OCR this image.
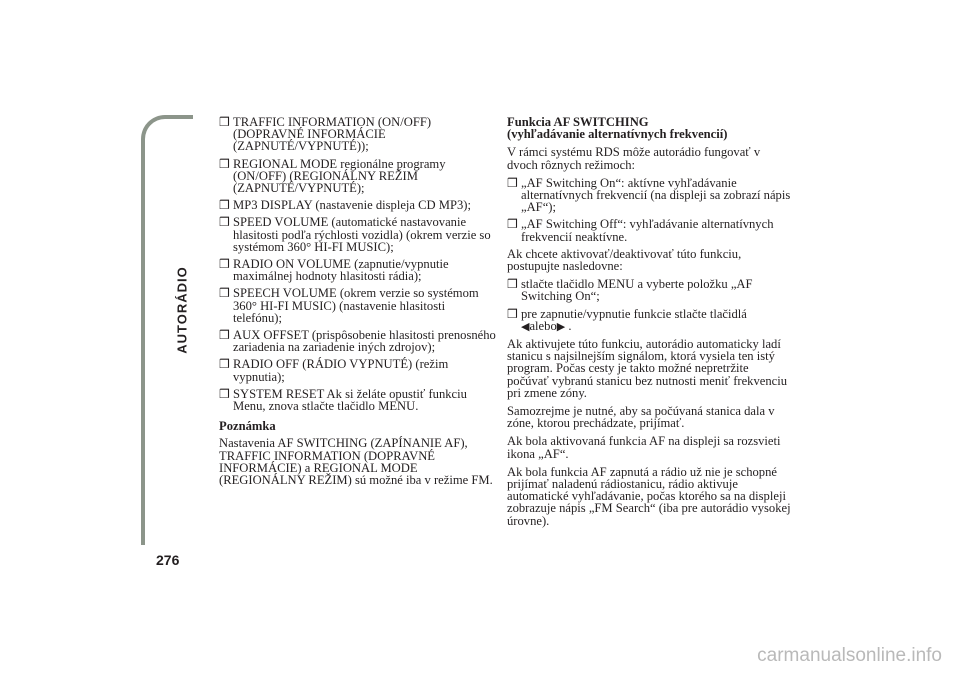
AUTORÁDIO
276
❒ TRAFFIC INFORMATION (ON/OFF) (DOPRAVNÉ INFORMÁCIE (ZAPNUTÉ/VYPNUTÉ));
❒ REGIONAL MODE regionálne programy (ON/OFF) (REGIONÁLNY REŽIM (ZAPNUTÉ/VYPNUTÉ);
❒ MP3 DISPLAY (nastavenie displeja CD MP3);
❒ SPEED VOLUME (automatické nastavovanie hlasitosti podľa rýchlosti vozidla) (okrem verzie so systémom 360° HI-FI MUSIC);
❒ RADIO ON VOLUME (zapnutie/vypnutie maximálnej hodnoty hlasitosti rádia);
❒ SPEECH VOLUME (okrem verzie so systémom 360° HI-FI MUSIC) (nastavenie hlasitosti telefónu);
❒ AUX OFFSET (prispôsobenie hlasitosti prenosného zariadenia na zariadenie iných zdrojov);
❒ RADIO OFF (RÁDIO VYPNUTÉ) (režim vypnutia);
❒ SYSTEM RESET Ak si želáte opustiť funkciu Menu, znova stlačte tlačidlo MENU.

Poznámka

Nastavenia AF SWITCHING (ZAPÍNANIE AF), TRAFFIC INFORMATION (DOPRAVNÉ INFORMÁCIE) a REGIONAL MODE (REGIONÁLNY REŽIM) sú možné iba v režime FM.

Funkcia AF SWITCHING
(vyhľadávanie alternatívnych frekvencií)

V rámci systému RDS môže autorádio fungovať v dvoch rôznych režimoch:

❒ „AF Switching On“: aktívne vyhľadávanie alternatívnych frekvencií (na displeji sa zobrazí nápis „AF“);
❒ „AF Switching Off“: vyhľadávanie alternatívnych frekvencií neaktívne.

Ak chcete aktivovať/deaktivovať túto funkciu, postupujte nasledovne:

❒ stlačte tlačidlo MENU a vyberte položku „AF Switching On“;
❒ pre zapnutie/vypnutie funkcie stlačte tlačidlá
◀alebo▶ .

Ak aktivujete túto funkciu, autorádio automaticky ladí stanicu s najsilnejším signálom, ktorá vysiela ten istý program. Počas cesty je takto možné nepretržite počúvať vybranú stanicu bez nutnosti meniť frekvenciu pri zmene zóny.

Samozrejme je nutné, aby sa počúvaná stanica dala v zóne, ktorou prechádzate, prijímať.

Ak bola aktivovaná funkcia AF na displeji sa rozsvieti ikona „AF“.

Ak bola funkcia AF zapnutá a rádio už nie je schopné prijímať naladenú rádiostanicu, rádio aktivuje automatické vyhľadávanie, počas ktorého sa na displeji zobrazuje nápis „FM Search“ (iba pre autorádio vysokej úrovne).

carmanualsonline.info
